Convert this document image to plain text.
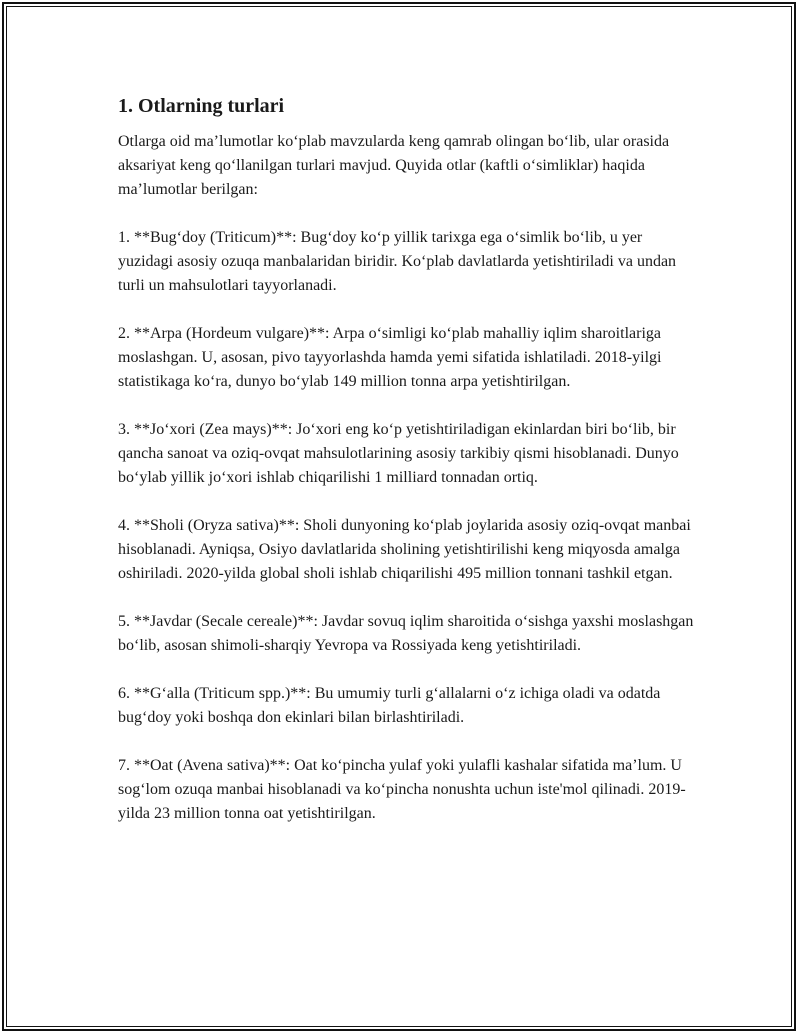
1. Otlarning turlari

Otlarga oid maʼlumotlar koʻplab mavzularda keng qamrab olingan boʻlib, ular orasida aksariyat keng qoʻllanilgan turlari mavjud. Quyida otlar (kaftli oʻsimliklar) haqida maʼlumotlar berilgan:

1. **Bugʻdoy (Triticum)**: Bugʻdoy koʻp yillik tarixga ega oʻsimlik boʻlib, u yer yuzidagi asosiy ozuqa manbalaridan biridir. Koʻplab davlatlarda yetishtiriladi va undan turli un mahsulotlari tayyorlanadi.

2. **Arpa (Hordeum vulgare)**: Arpa oʻsimligi koʻplab mahalliy iqlim sharoitlariga moslashgan. U, asosan, pivo tayyorlashda hamda yemi sifatida ishlatiladi. 2018-yilgi statistikaga koʻra, dunyo boʻylab 149 million tonna arpa yetishtirilgan.

3. **Joʻxori (Zea mays)**: Joʻxori eng koʻp yetishtiriladigan ekinlardan biri boʻlib, bir qancha sanoat va oziq-ovqat mahsulotlarining asosiy tarkibiy qismi hisoblanadi. Dunyo boʻylab yillik joʻxori ishlab chiqarilishi 1 milliard tonnadan ortiq.

4. **Sholi (Oryza sativa)**: Sholi dunyoning koʻplab joylarida asosiy oziq-ovqat manbai hisoblanadi. Ayniqsa, Osiyo davlatlarida sholining yetishtirilishi keng miqyosda amalga oshiriladi. 2020-yilda global sholi ishlab chiqarilishi 495 million tonnani tashkil etgan.

5. **Javdar (Secale cereale)**: Javdar sovuq iqlim sharoitida oʻsishga yaxshi moslashgan boʻlib, asosan shimoli-sharqiy Yevropa va Rossiyada keng yetishtiriladi.

6. **Gʻalla (Triticum spp.)**: Bu umumiy turli gʻallalarni oʻz ichiga oladi va odatda bugʻdoy yoki boshqa don ekinlari bilan birlashtiriladi.

7. **Oat (Avena sativa)**: Oat koʻpincha yulaf yoki yulafli kashalar sifatida maʼlum. U sogʻlom ozuqa manbai hisoblanadi va koʻpincha nonushta uchun iste'mol qilinadi. 2019-yilda 23 million tonna oat yetishtirilgan.
